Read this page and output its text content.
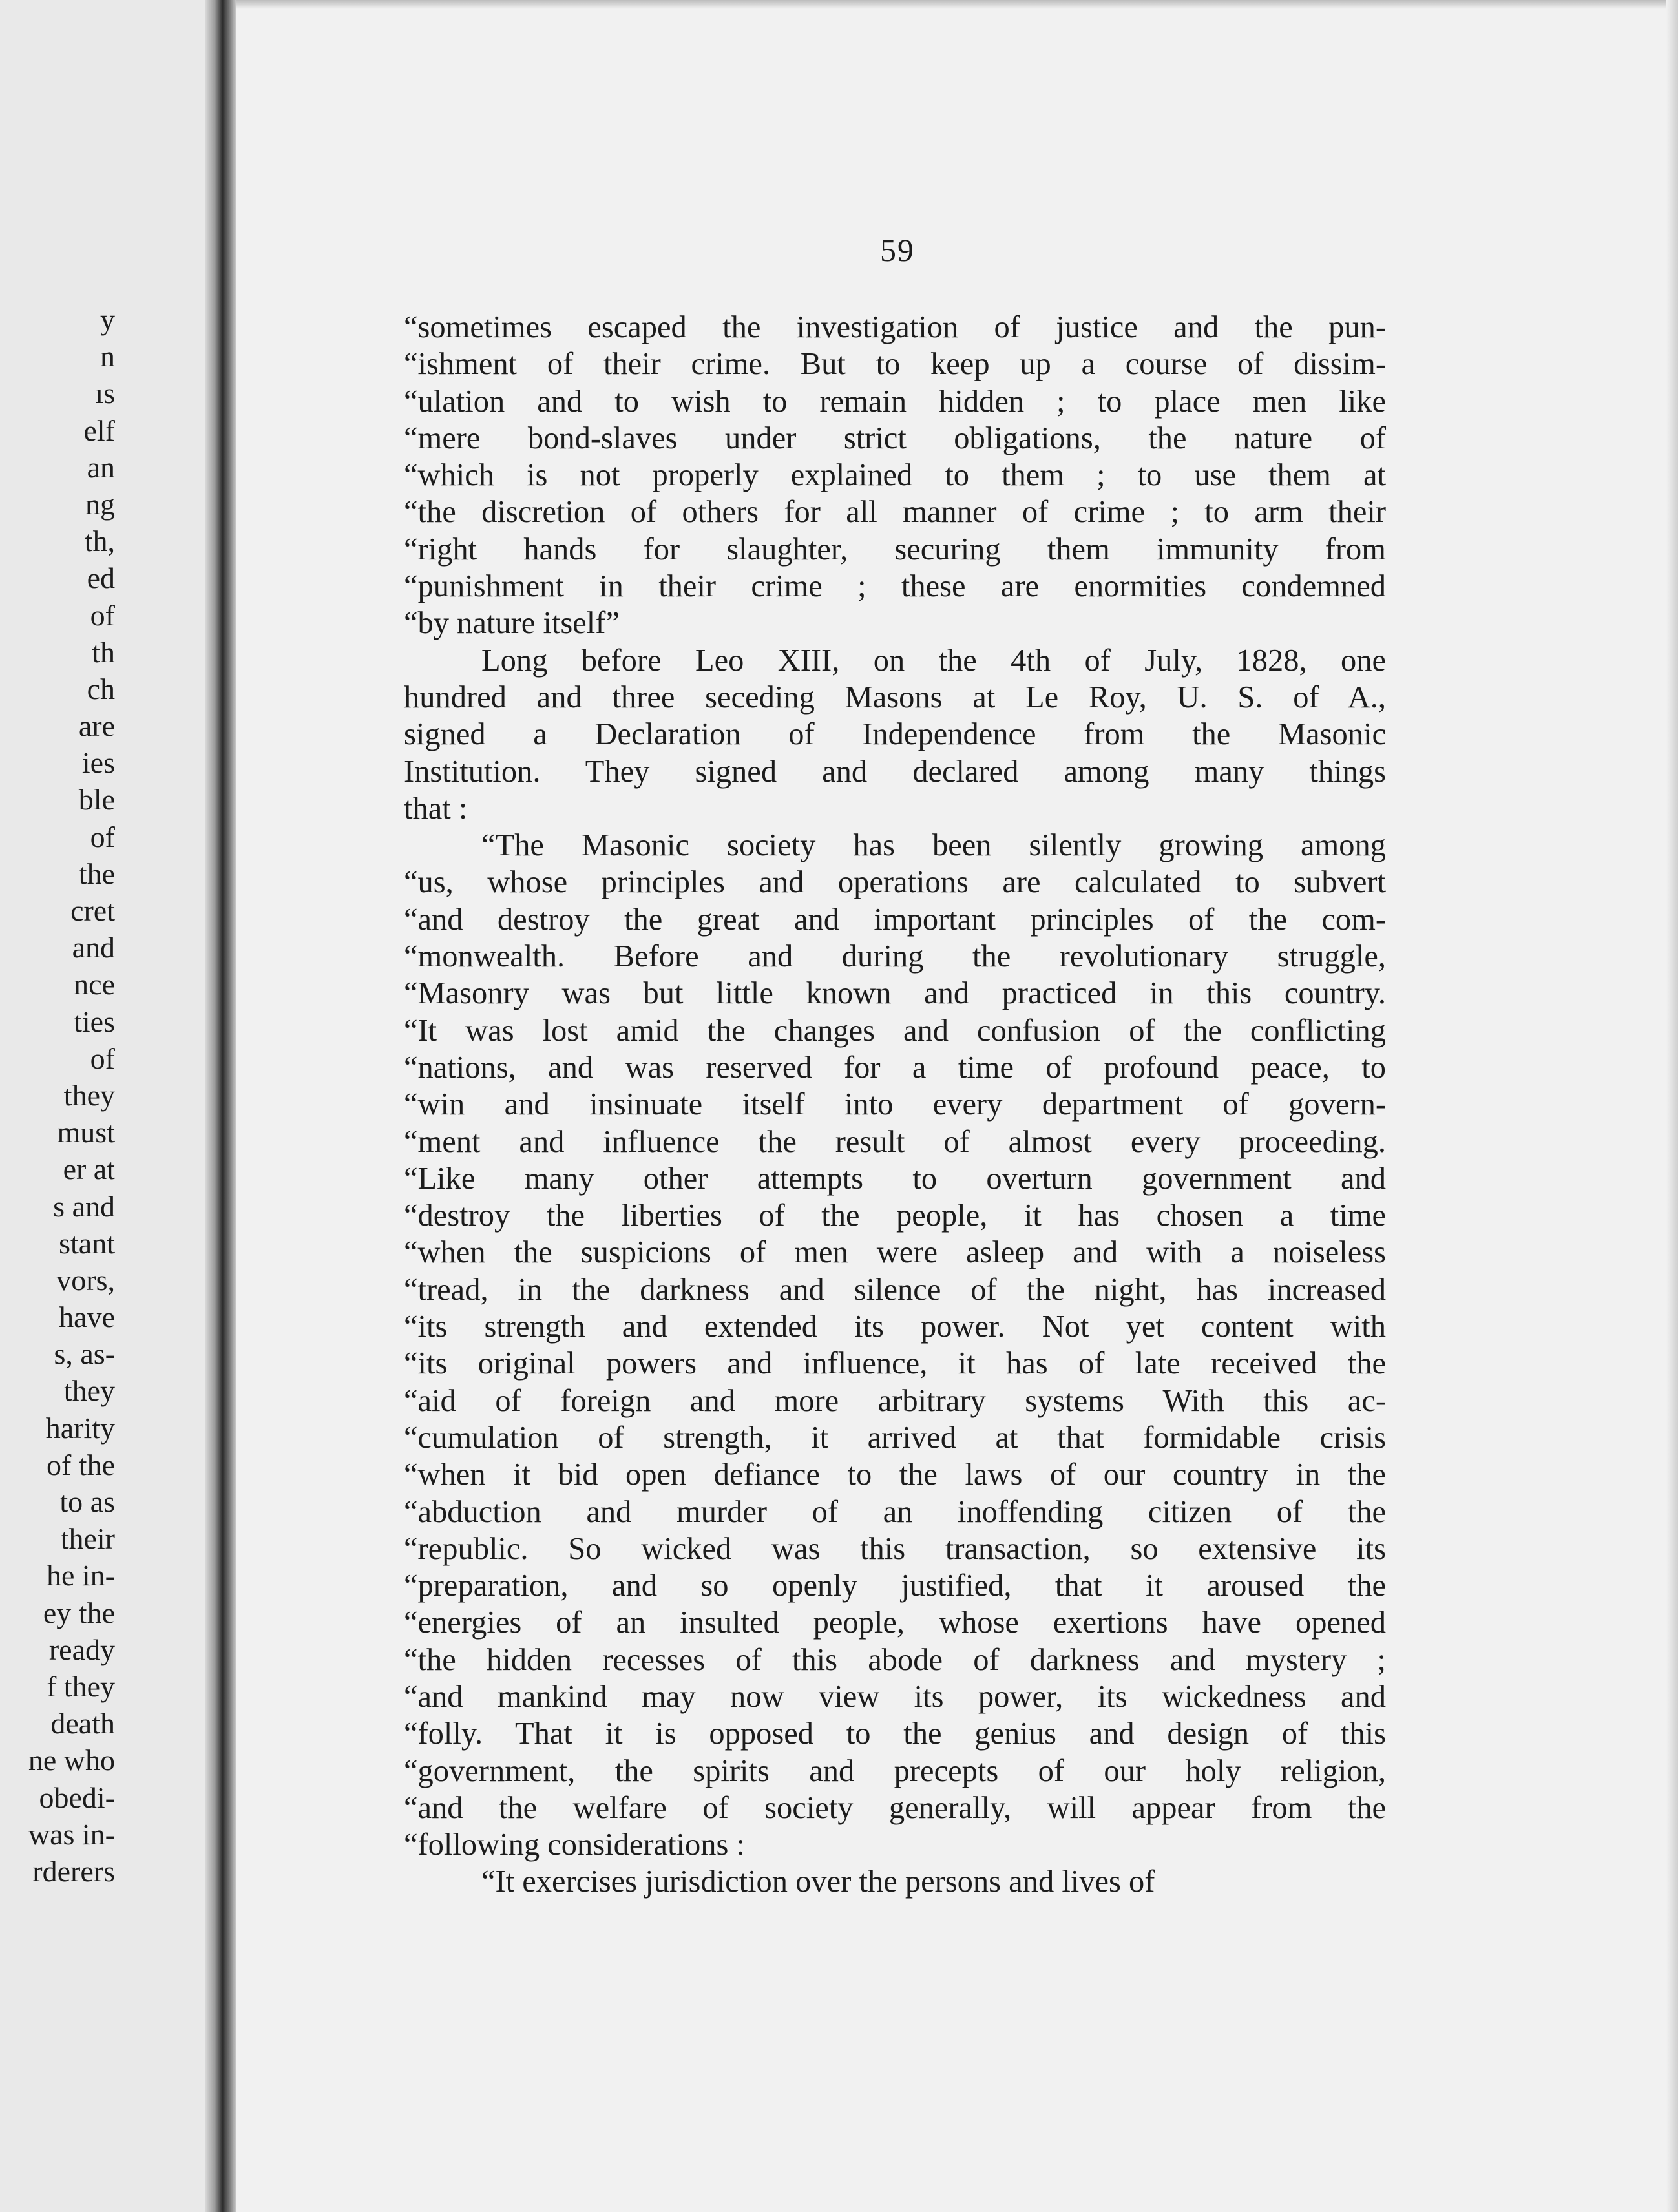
y
n
ıs
elf
an
ng
th,
ed
of
th
ch
are
ies
ble
of
the
cret
and
nce
ties
of
they
must
er at
s and
stant
vors,
have
s, as-
they
harity
of the
to as
their
he in-
ey the
ready
f they
death
ne who
obedi-
was in-
rderers
59
“sometimes escaped the investigation of justice and the pun-
“ishment of their crime. But to keep up a course of dissim-
“ulation and to wish to remain hidden ; to place men like
“mere bond-slaves under strict obligations, the nature of
“which is not properly explained to them ; to use them at
“the discretion of others for all manner of crime ; to arm their
“right hands for slaughter, securing them immunity from
“punishment in their crime ; these are enormities condemned
“by nature itself”
Long before Leo XIII, on the 4th of July, 1828, one
hundred and three seceding Masons at Le Roy, U. S. of A.,
signed a Declaration of Independence from the Masonic
Institution. They signed and declared among many things
that :
“The Masonic society has been silently growing among
“us, whose principles and operations are calculated to subvert
“and destroy the great and important principles of the com-
“monwealth. Before and during the revolutionary struggle,
“Masonry was but little known and practiced in this country.
“It was lost amid the changes and confusion of the conflicting
“nations, and was reserved for a time of profound peace, to
“win and insinuate itself into every department of govern-
“ment and influence the result of almost every proceeding.
“Like many other attempts to overturn government and
“destroy the liberties of the people, it has chosen a time
“when the suspicions of men were asleep and with a noiseless
“tread, in the darkness and silence of the night, has increased
“its strength and extended its power. Not yet content with
“its original powers and influence, it has of late received the
“aid of foreign and more arbitrary systems With this ac-
“cumulation of strength, it arrived at that formidable crisis
“when it bid open defiance to the laws of our country in the
“abduction and murder of an inoffending citizen of the
“republic. So wicked was this transaction, so extensive its
“preparation, and so openly justified, that it aroused the
“energies of an insulted people, whose exertions have opened
“the hidden recesses of this abode of darkness and mystery ;
“and mankind may now view its power, its wickedness and
“folly. That it is opposed to the genius and design of this
“government, the spirits and precepts of our holy religion,
“and the welfare of society generally, will appear from the
“following considerations :
“It exercises jurisdiction over the persons and lives of
